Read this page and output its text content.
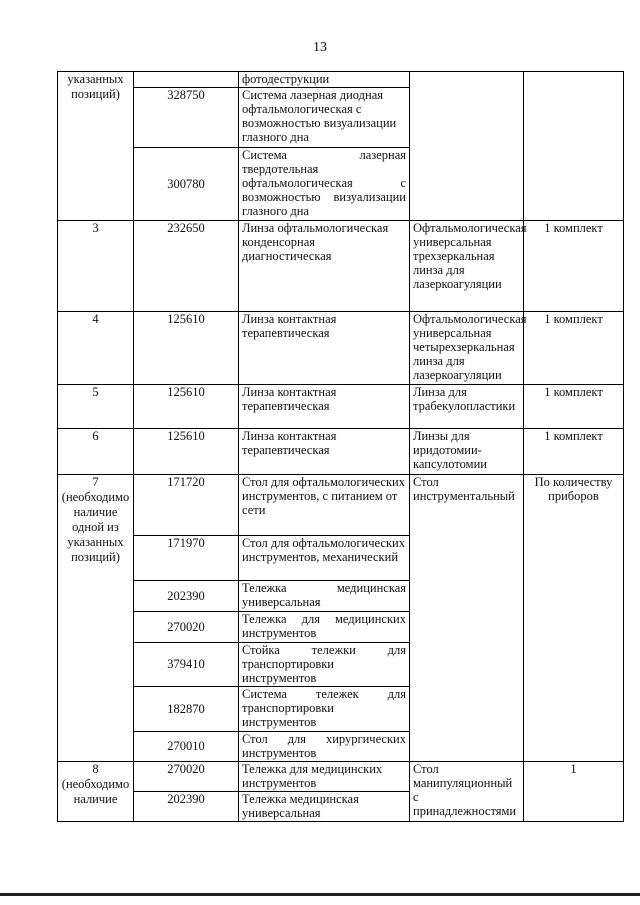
13
указанных позиций)		фотодеструкции		
	328750	Система лазерная диодная офтальмологическая с возможностью визуализации глазного дна		
	300780	Система лазерная твердотельная офтальмологическая с возможностью визуализации глазного дна		
3	232650	Линза офтальмологическая конденсорная диагностическая	Офтальмологическая универсальная трехзеркальная линза для лазеркоагуляции	1 комплект
4	125610	Линза контактная терапевтическая	Офтальмологическая универсальная четырехзеркальная линза для лазеркоагуляции	1 комплект
5	125610	Линза контактная терапевтическая	Линза для трабекулопластики	1 комплект
6	125610	Линза контактная терапевтическая	Линзы для иридотомии-капсулотомии	1 комплект
7 (необходимо наличие одной из указанных позиций)	171720	Стол для офтальмологических инструментов, с питанием от сети	Стол инструментальный	По количеству приборов
	171970	Стол для офтальмологических инструментов, механический		
	202390	Тележка медицинская универсальная		
	270020	Тележка для медицинских инструментов		
	379410	Стойка тележки для транспортировки инструментов		
	182870	Система тележек для транспортировки инструментов		
	270010	Стол для хирургических инструментов		
8 (необходимо наличие	270020	Тележка для медицинских инструментов	Стол манипуляционный с принадлежностями	1
	202390	Тележка медицинская универсальная		
